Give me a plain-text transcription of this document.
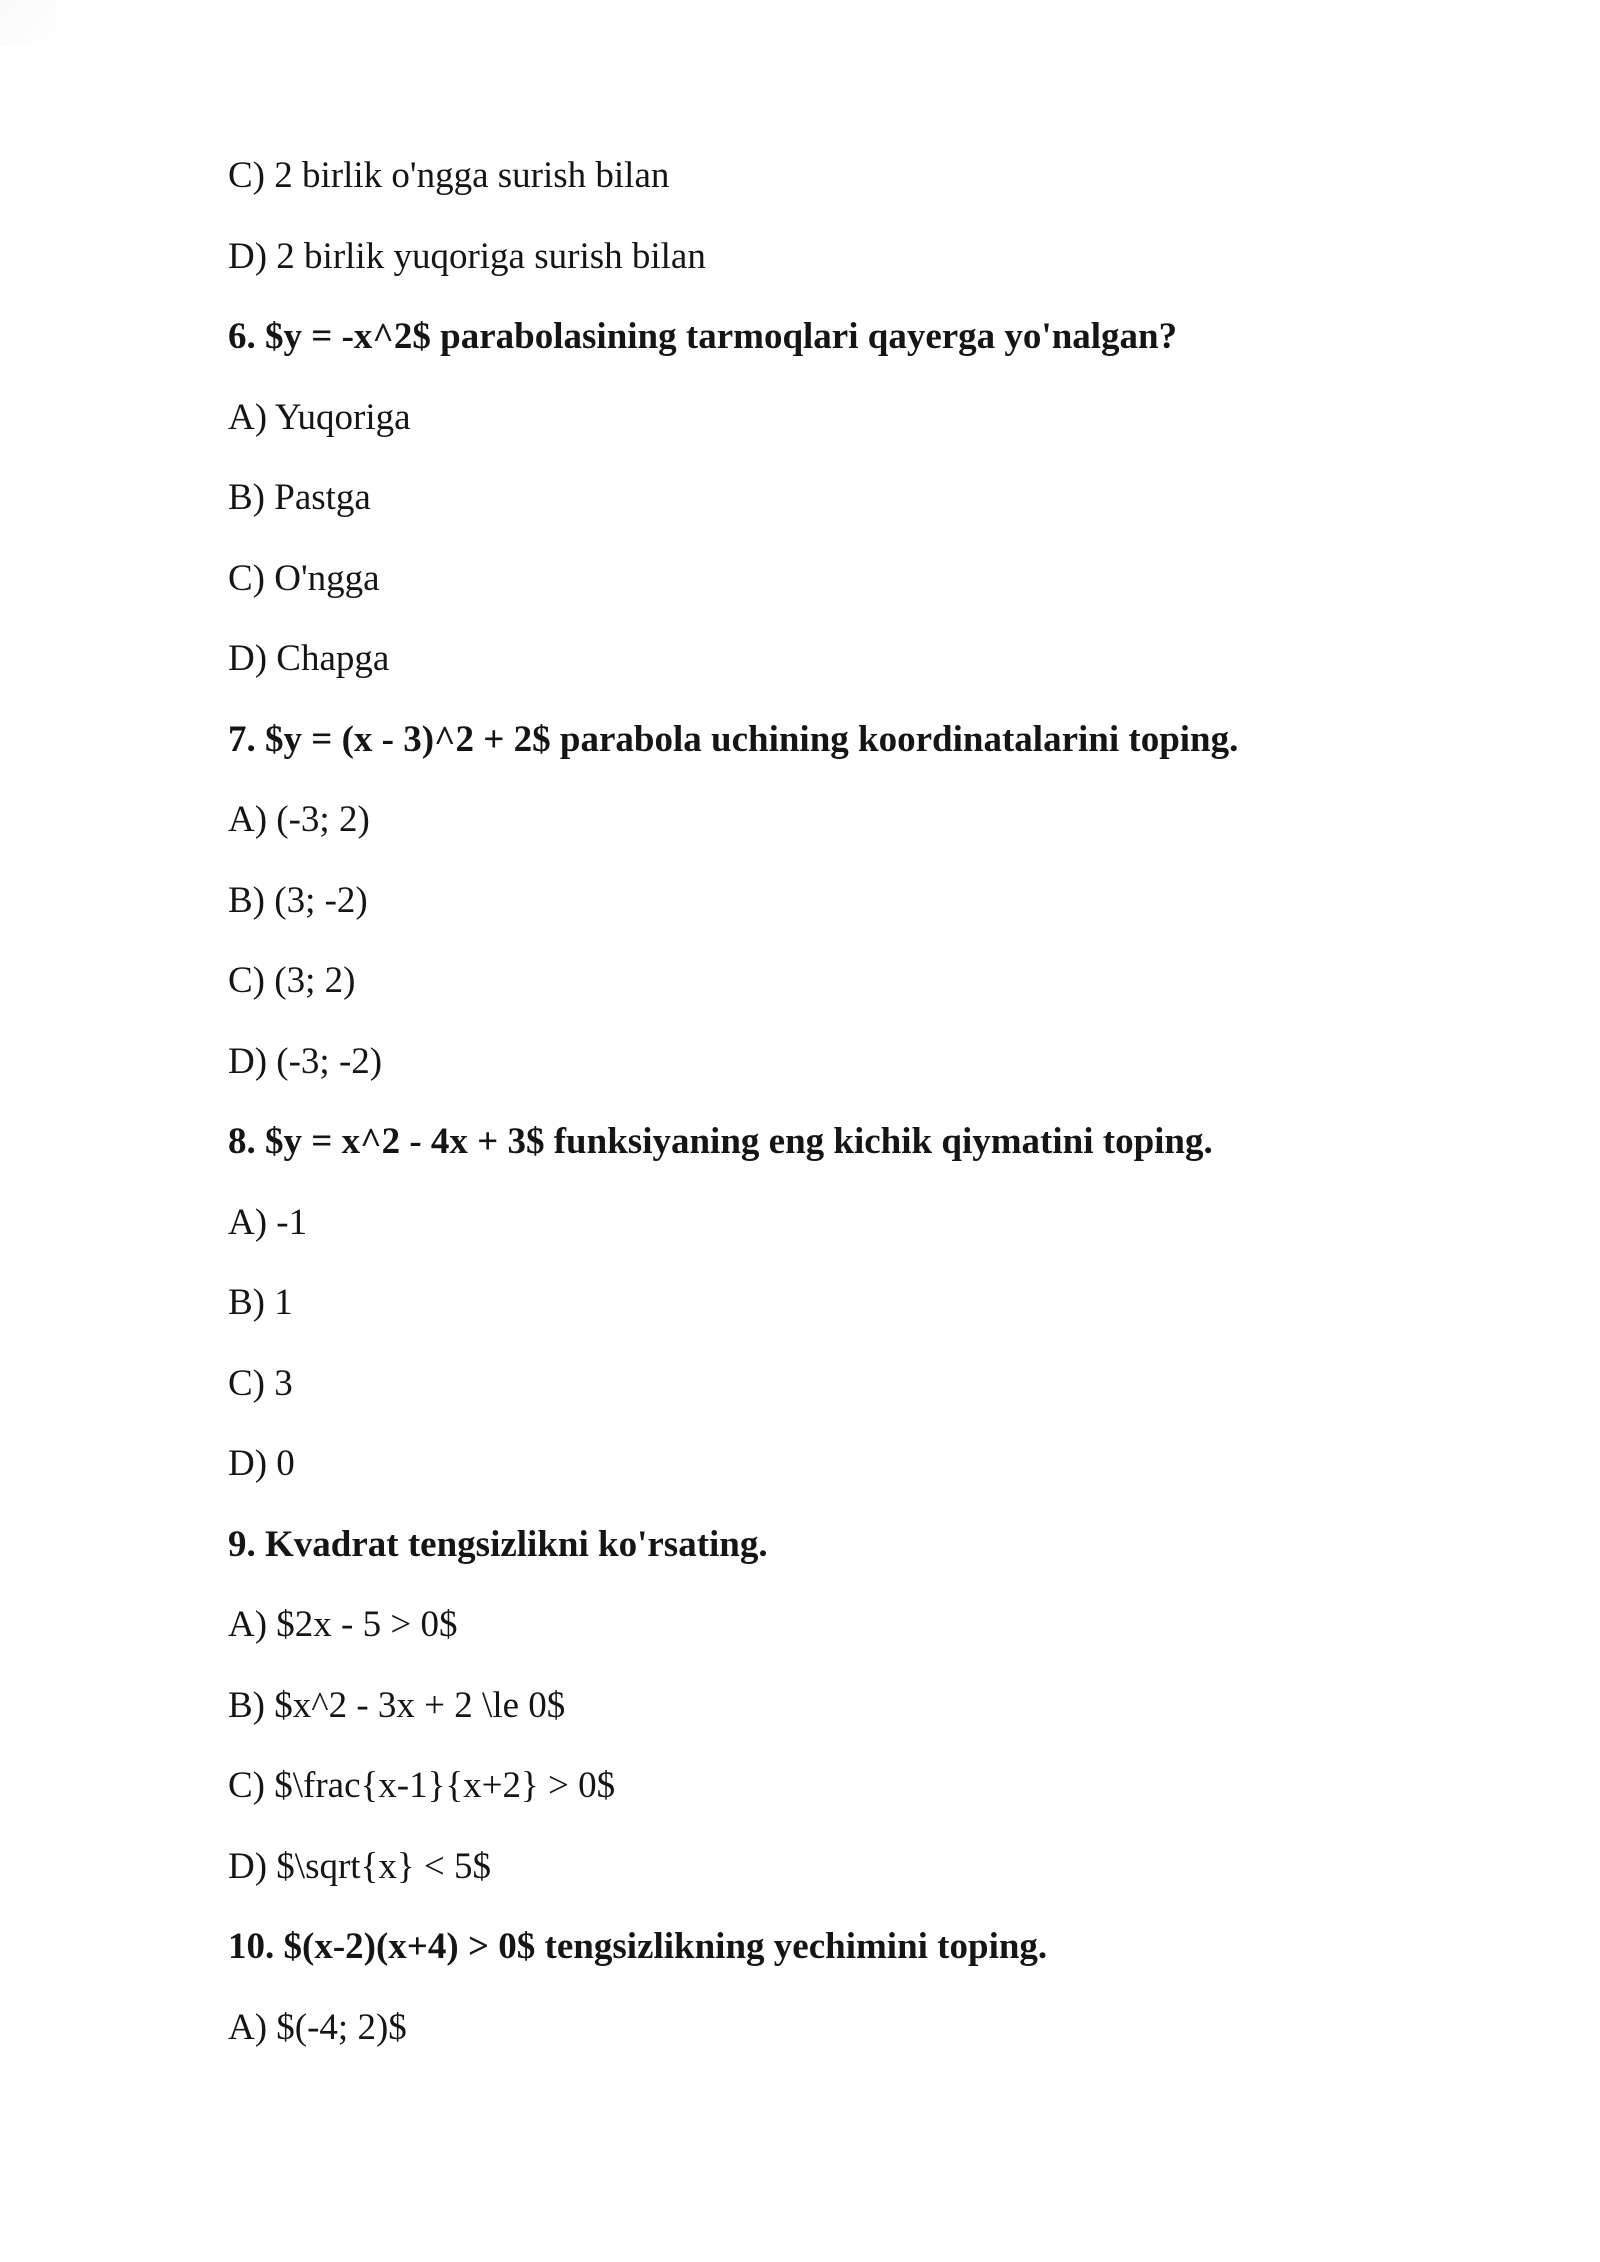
C) 2 birlik o'ngga surish bilan
D) 2 birlik yuqoriga surish bilan
6. $y = -x^2$ parabolasining tarmoqlari qayerga yo'nalgan?
A) Yuqoriga
B) Pastga
C) O'ngga
D) Chapga
7. $y = (x - 3)^2 + 2$ parabola uchining koordinatalarini toping.
A) (-3; 2)
B) (3; -2)
C) (3; 2)
D) (-3; -2)
8. $y = x^2 - 4x + 3$ funksiyaning eng kichik qiymatini toping.
A) -1
B) 1
C) 3
D) 0
9. Kvadrat tengsizlikni ko'rsating.
A) $2x - 5 > 0$
B) $x^2 - 3x + 2 \le 0$
C) $\frac{x-1}{x+2} > 0$
D) $\sqrt{x} < 5$
10. $(x-2)(x+4) > 0$ tengsizlikning yechimini toping.
A) $(-4; 2)$
